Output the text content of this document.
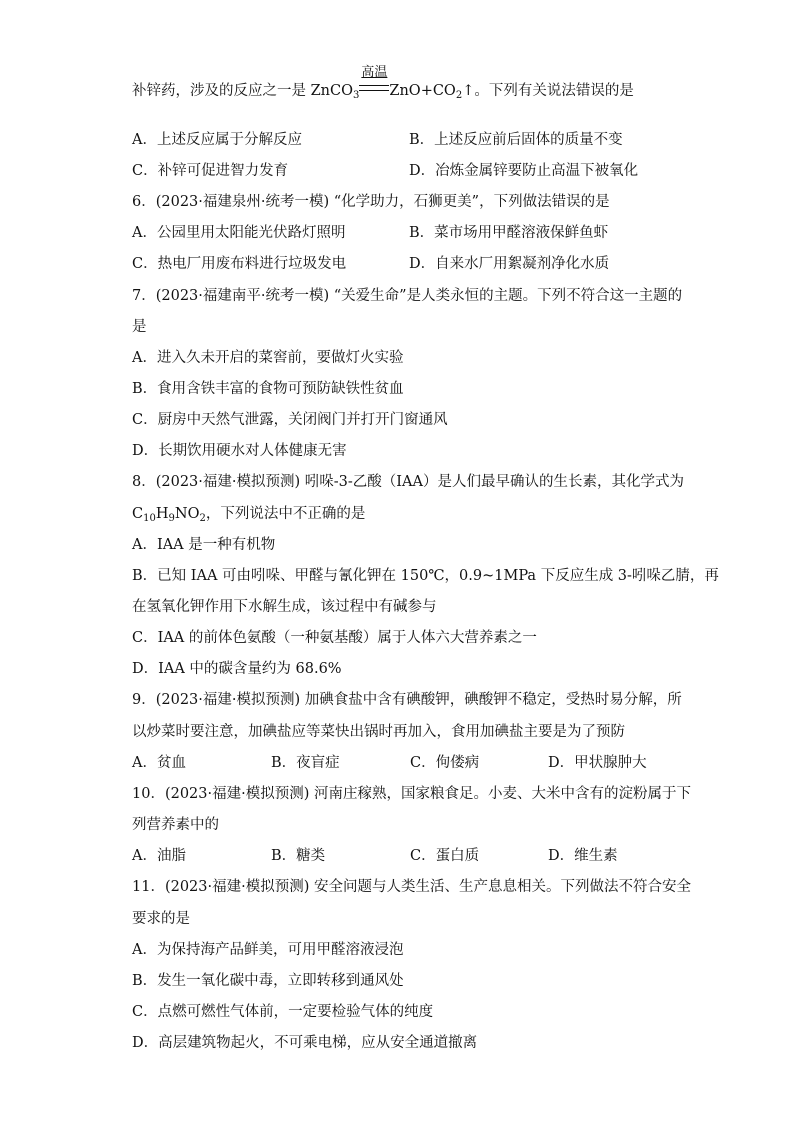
补锌药，涉及的反应之一是 ZnCO$_3$
高温
$ZnO+CO_2↑$。下列有关说法错误的是
A．上述反应属于分解反应	B．上述反应前后固体的质量不变
C．补锌可促进智力发育	D．冶炼金属锌要防止高温下被氧化
6．(2023·福建泉州·统考一模) “化学助力，石狮更美”，下列做法错误的是
A．公园里用太阳能光伏路灯照明	B．菜市场用甲醛溶液保鲜鱼虾
C．热电厂用废布料进行垃圾发电	D．自来水厂用絮凝剂净化水质
7．(2023·福建南平·统考一模) “关爱生命”是人类永恒的主题。下列不符合这一主题的
是
A．进入久未开启的菜窖前，要做灯火实验
B．食用含铁丰富的食物可预防缺铁性贫血
C．厨房中天然气泄露，关闭阀门并打开门窗通风
D．长期饮用硬水对人体健康无害
8．(2023·福建·模拟预测) 吲哚-3-乙酸（IAA）是人们最早确认的生长素，其化学式为
$C_{10}H_9NO_2$，下列说法中不正确的是
A．IAA 是一种有机物
B．已知 IAA 可由吲哚、甲醛与氰化钾在 150℃，0.9~1MPa 下反应生成 3-吲哚乙腈，再
在氢氧化钾作用下水解生成，该过程中有碱参与
C．IAA 的前体色氨酸（一种氨基酸）属于人体六大营养素之一
D．IAA 中的碳含量约为 68.6%
9．(2023·福建·模拟预测) 加碘食盐中含有碘酸钾，碘酸钾不稳定，受热时易分解，所
以炒菜时要注意，加碘盐应等菜快出锅时再加入，食用加碘盐主要是为了预防
A．贫血	B．夜盲症	C．佝偻病	D．甲状腺肿大
10．(2023·福建·模拟预测) 河南庄稼熟，国家粮食足。小麦、大米中含有的淀粉属于下
列营养素中的
A．油脂	B．糖类	C．蛋白质	D．维生素
11．(2023·福建·模拟预测) 安全问题与人类生活、生产息息相关。下列做法不符合安全
要求的是
A．为保持海产品鲜美，可用甲醛溶液浸泡
B．发生一氧化碳中毒，立即转移到通风处
C．点燃可燃性气体前，一定要检验气体的纯度
D．高层建筑物起火，不可乘电梯，应从安全通道撤离
